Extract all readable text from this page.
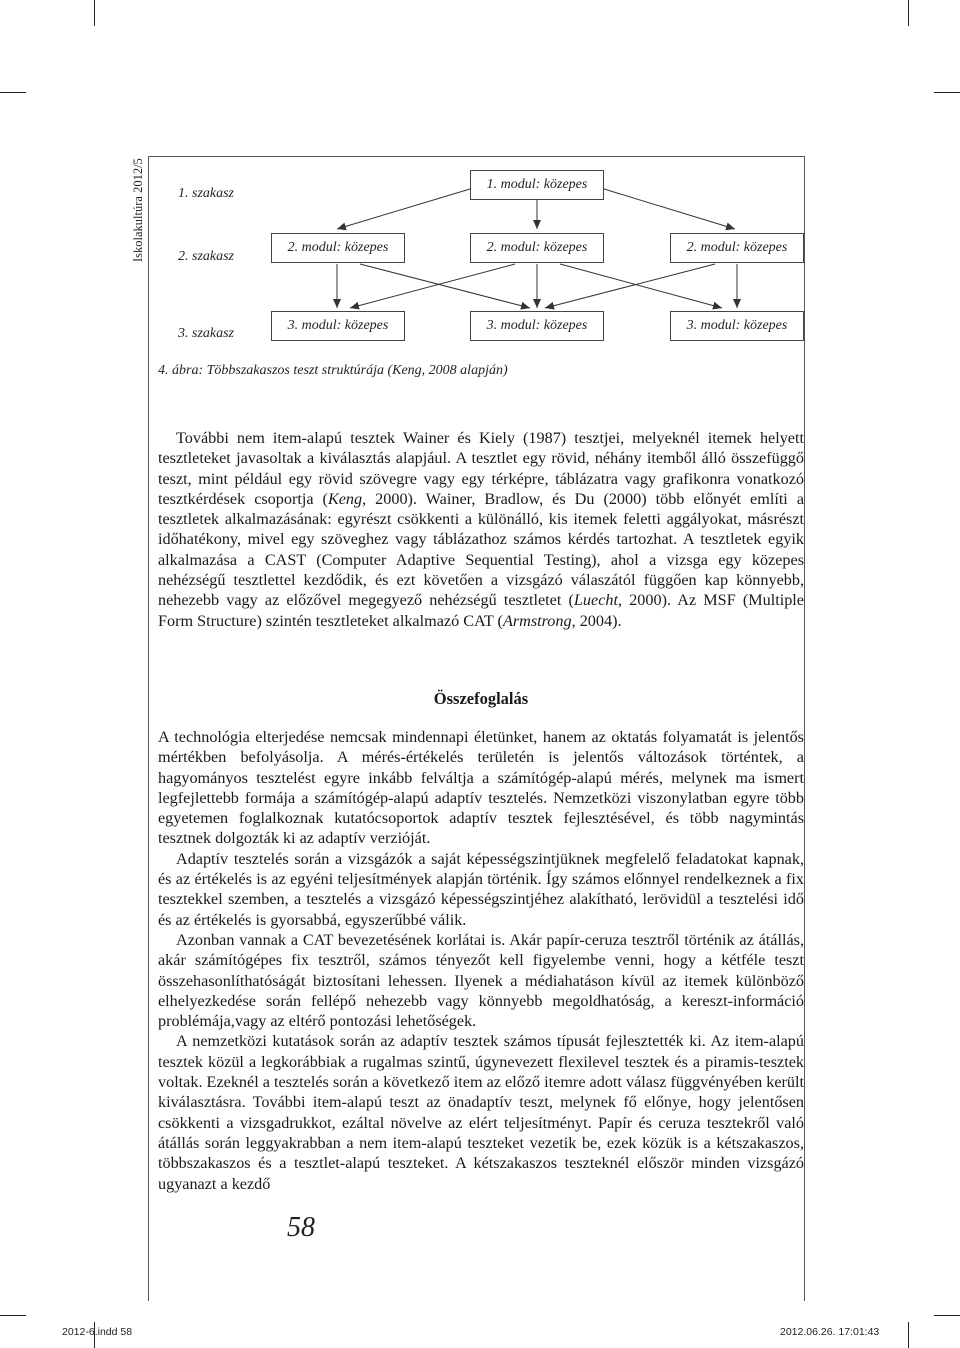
Iskolakultúra 2012/5 1. szakasz
2. szakasz
3. szakasz
1. modul: közepes
2. modul: közepes	2. modul: közepes	2. modul: közepes
3. modul: közepes	3. modul: közepes	3. modul: közepes
4. ábra: Többszakaszos teszt struktúrája (Keng, 2008 alapján)

További nem item-alapú tesztek Wainer és Kiely (1987) tesztjei, melyeknél itemek helyett tesztleteket javasoltak a kiválasztás alapjául. A tesztlet egy rövid, néhány itemből álló összefüggő teszt, mint például egy rövid szövegre vagy egy térképre, táblázatra vagy grafikonra vonatkozó tesztkérdések csoportja (Keng, 2000). Wainer, Bradlow, és Du (2000) több előnyét említi a tesztletek alkalmazásának: egyrészt csökkenti a különálló, kis itemek feletti aggályokat, másrészt időhatékony, mivel egy szöveghez vagy táblázathoz számos kérdés tartozhat. A tesztletek egyik alkalmazása a CAST (Computer Adaptive Sequential Testing), ahol a vizsga egy közepes nehézségű tesztlettel kezdődik, és ezt követően a vizsgázó válaszától függően kap könnyebb, nehezebb vagy az előzővel megegyező nehézségű tesztletet (Luecht, 2000). Az MSF (Multiple Form Structure) szintén tesztleteket alkalmazó CAT (Armstrong, 2004).

Összefoglalás

A technológia elterjedése nemcsak mindennapi életünket, hanem az oktatás folyamatát is jelentős mértékben befolyásolja. A mérés-értékelés területén is jelentős változások történtek, a hagyományos tesztelést egyre inkább felváltja a számítógép-alapú mérés, melynek ma ismert legfejlettebb formája a számítógép-alapú adaptív tesztelés. Nemzetközi viszonylatban egyre több egyetemen foglalkoznak kutatócsoportok adaptív tesztek fejlesztésével, és több nagymintás tesztnek dolgozták ki az adaptív verzióját.

Adaptív tesztelés során a vizsgázók a saját képességszintjüknek megfelelő feladatokat kapnak, és az értékelés is az egyéni teljesítmények alapján történik. Így számos előnnyel rendelkeznek a fix tesztekkel szemben, a tesztelés a vizsgázó képességszintjéhez alakítható, lerövidül a tesztelési idő és az értékelés is gyorsabbá, egyszerűbbé válik.

Azonban vannak a CAT bevezetésének korlátai is. Akár papír-ceruza tesztről történik az átállás, akár számítógépes fix tesztről, számos tényezőt kell figyelembe venni, hogy a kétféle teszt összehasonlíthatóságát biztosítani lehessen. Ilyenek a médiahatáson kívül az itemek különböző elhelyezkedése során fellépő nehezebb vagy könnyebb megoldhatóság, a kereszt-információ problémája,vagy az eltérő pontozási lehetőségek.

A nemzetközi kutatások során az adaptív tesztek számos típusát fejlesztették ki. Az item-alapú tesztek közül a legkorábbiak a rugalmas szintű, úgynevezett flexilevel tesztek és a piramis-tesztek voltak. Ezeknél a tesztelés során a következő item az előző itemre adott válasz függvényében került kiválasztásra. További item-alapú teszt az önadaptív teszt, melynek fő előnye, hogy jelentősen csökkenti a vizsgadrukkot, ezáltal növelve az elért teljesítményt. Papír és ceruza tesztekről való átállás során leggyakrabban a nem item-alapú teszteket vezetik be, ezek közük is a kétszakaszos, többszakaszos és a tesztlet-alapú teszteket. A kétszakaszos teszteknél először minden vizsgázó ugyanazt a kezdő

58
2012-6.indd 58	2012.06.26. 17:01:43
